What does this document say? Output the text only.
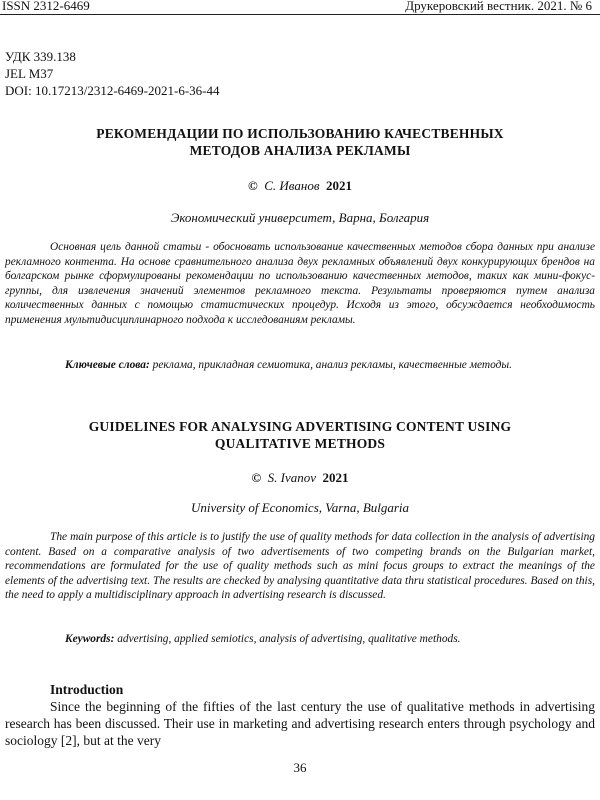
ISSN 2312-6469	Друкеровский вестник. 2021. № 6
УДК 339.138
JEL M37
DOI: 10.17213/2312-6469-2021-6-36-44
РЕКОМЕНДАЦИИ ПО ИСПОЛЬЗОВАНИЮ КАЧЕСТВЕННЫХ
МЕТОДОВ АНАЛИЗА РЕКЛАМЫ
© С. Иванов 2021
Экономический университет, Варна, Болгария

Основная цель данной статьи - обосновать использование качественных методов сбора данных при анализе рекламного контента. На основе сравнительного анализа двух рекламных объявлений двух конкурирующих брендов на болгарском рынке сформулированы рекомендации по использованию качественных методов, таких как мини-фокус-группы, для извлечения значений элементов рекламного текста. Результаты проверяются путем анализа количественных данных с помощью статистических процедур. Исходя из этого, обсуждается необходимость применения мультидисциплинарного подхода к исследованиям рекламы.

Ключевые слова: реклама, прикладная семиотика, анализ рекламы, качественные методы.

GUIDELINES FOR ANALYSING ADVERTISING CONTENT USING
QUALITATIVE METHODS
© S. Ivanov 2021
University of Economics, Varna, Bulgaria

The main purpose of this article is to justify the use of quality methods for data collection in the analysis of advertising content. Based on a comparative analysis of two advertisements of two competing brands on the Bulgarian market, recommendations are formulated for the use of quality methods such as mini focus groups to extract the meanings of the elements of the advertising text. The results are checked by analysing quantitative data thru statistical procedures. Based on this, the need to apply a multidisciplinary approach in advertising research is discussed.

Keywords: advertising, applied semiotics, analysis of advertising, qualitative methods.

Introduction

Since the beginning of the fifties of the last century the use of qualitative methods in advertising research has been discussed. Their use in marketing and advertising research enters through psychology and sociology [2], but at the very

36
